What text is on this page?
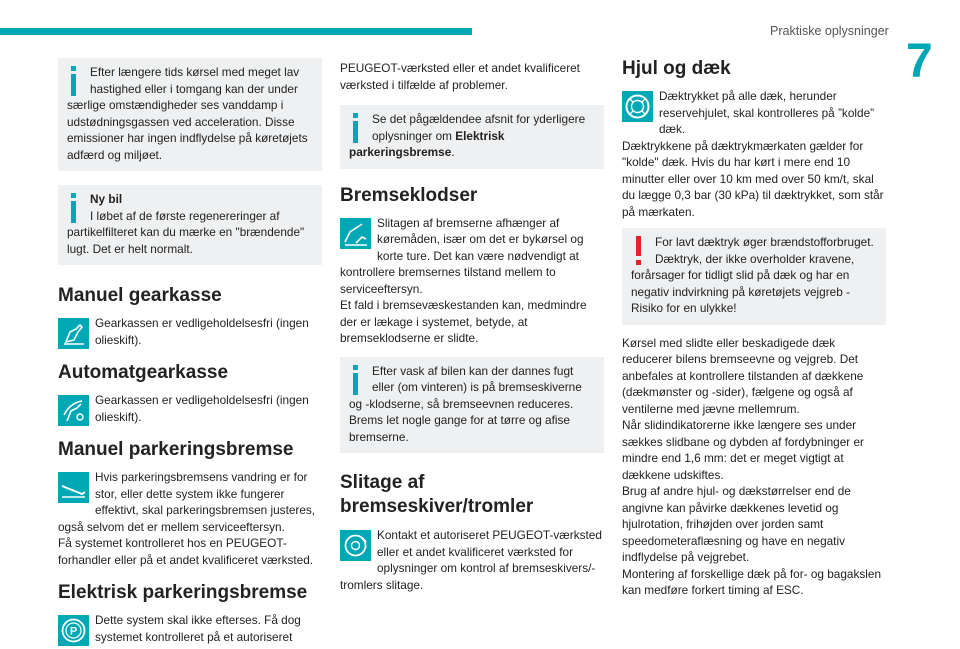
Praktiske oplysninger
7

Efter længere tids kørsel med meget lav hastighed eller i tomgang kan der under særlige omstændigheder ses vanddamp i udstødningsgassen ved acceleration. Disse emissioner har ingen indflydelse på køretøjets adfærd og miljøet.

Ny bil

I løbet af de første regenereringer af partikelfilteret kan du mærke en "brændende" lugt. Det er helt normalt.

Manuel gearkasse

Gearkassen er vedligeholdelsesfri (ingen olieskift).

Automatgearkasse

Gearkassen er vedligeholdelsesfri (ingen olieskift).

Manuel parkeringsbremse

Hvis parkeringsbremsens vandring er for stor, eller dette system ikke fungerer effektivt, skal parkeringsbremsen justeres, også selvom det er mellem serviceeftersyn.

Få systemet kontrolleret hos en PEUGEOT-forhandler eller på et andet kvalificeret værksted.

Elektrisk parkeringsbremse
P

Dette system skal ikke efterses. Få dog systemet kontrolleret på et autoriseret

PEUGEOT-værksted eller et andet kvalificeret værksted i tilfælde af problemer.

Se det pågældendee afsnit for yderligere oplysninger om Elektrisk parkeringsbremse.

Bremseklodser

Slitagen af bremserne afhænger af køremåden, især om det er bykørsel og korte ture. Det kan være nødvendigt at kontrollere bremsernes tilstand mellem to serviceeftersyn.

Et fald i bremsevæskestanden kan, medmindre der er lækage i systemet, betyde, at bremseklodserne er slidte.

Efter vask af bilen kan der dannes fugt eller (om vinteren) is på bremseskiverne og -klodserne, så bremseevnen reduceres. Brems let nogle gange for at tørre og afise bremserne.

Slitage af bremseskiver/tromler

Kontakt et autoriseret PEUGEOT-værksted eller et andet kvalificeret værksted for oplysninger om kontrol af bremseskivers/-tromlers slitage.

Hjul og dæk

Dæktrykket på alle dæk, herunder reservehjulet, skal kontrolleres på ”kolde” dæk.

Dæktrykkene på dæktrykmærkaten gælder for "kolde" dæk. Hvis du har kørt i mere end 10 minutter eller over 10 km med over 50 km/t, skal du lægge 0,3 bar (30 kPa) til dæktrykket, som står på mærkaten.

For lavt dæktryk øger brændstofforbruget. Dæktryk, der ikke overholder kravene, forårsager for tidligt slid på dæk og har en negativ indvirkning på køretøjets vejgreb - Risiko for en ulykke!

Kørsel med slidte eller beskadigede dæk reducerer bilens bremseevne og vejgreb. Det anbefales at kontrollere tilstanden af dækkene (dækmønster og -sider), fælgene og også af ventilerne med jævne mellemrum.

Når slidindikatorerne ikke længere ses under sækkes slidbane og dybden af fordybninger er mindre end 1,6 mm: det er meget vigtigt at dækkene udskiftes.

Brug af andre hjul- og dækstørrelser end de angivne kan påvirke dækkenes levetid og hjulrotation, frihøjden over jorden samt speedometeraflæsning og have en negativ indflydelse på vejgrebet.

Montering af forskellige dæk på for- og bagakslen kan medføre forkert timing af ESC.
